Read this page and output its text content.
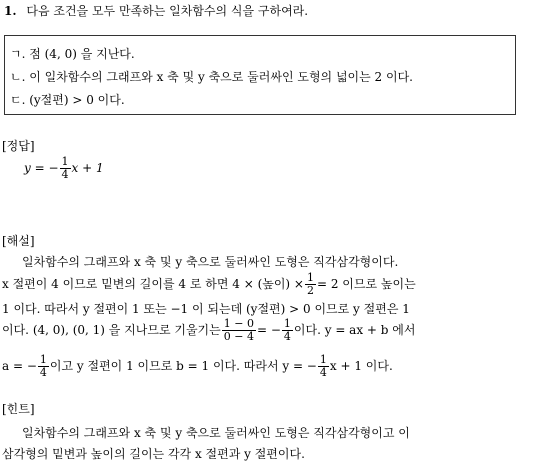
1. 다음 조건을 모두 만족하는 일차함수의 식을 구하여라.
ㄱ. 점 (4, 0) 을 지난다.
ㄴ. 이 일차함수의 그래프와 x 축 및 y 축으로 둘러싸인 도형의 넓이는 2 이다.
ㄷ. (y절편) > 0 이다.
[정답]
y = − $\frac{1}{4}$ x + 1
[해설]
일차함수의 그래프와 x 축 및 y 축으로 둘러싸인 도형은 직각삼각형이다.
x 절편이 4 이므로 밑변의 길이를 4 로 하면 4 × (높이) × $\frac{1}{2} = 2$ 이므로 높이는
1 이다. 따라서 y 절편이 1 또는 −1 이 되는데 (y절편) > 0 이므로 y 절편은 1
이다. (4, 0), (0, 1) 을 지나므로 기울기는 $\frac{1 - 0}{0 - 4}$ = − $\frac{1}{4}$ 이다. y = ax + b 에서
a = − $\frac{1}{4}$ 이고 y 절편이 1 이므로 b = 1 이다. 따라서 y = − $\frac{1}{4}$ x + 1 이다.
[힌트]
일차함수의 그래프와 x 축 및 y 축으로 둘러싸인 도형은 직각삼각형이고 이
삼각형의 밑변과 높이의 길이는 각각 x 절편과 y 절편이다.
